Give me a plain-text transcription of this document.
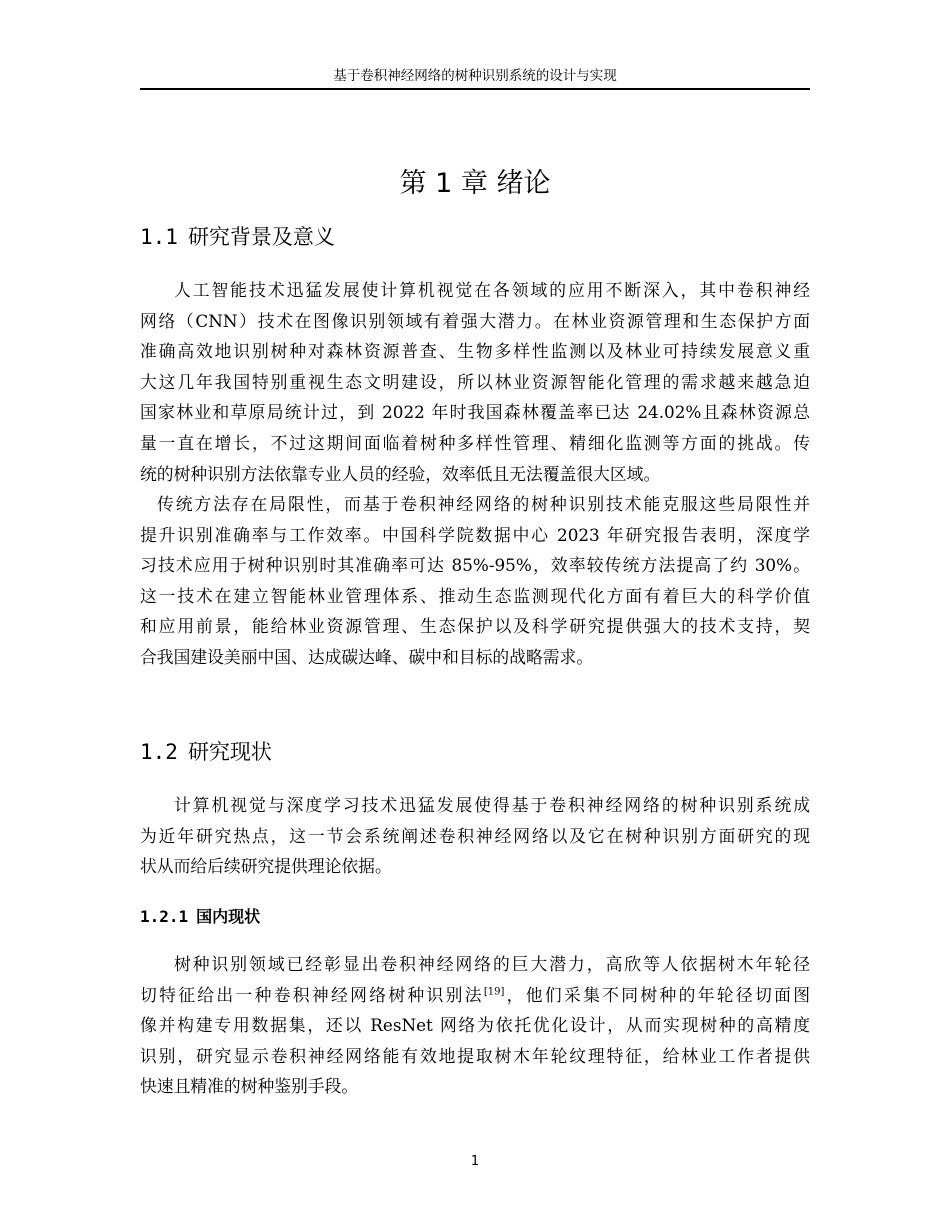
基于卷积神经网络的树种识别系统的设计与实现
第 1 章 绪论
1.1 研究背景及意义

人工智能技术迅猛发展使计算机视觉在各领域的应用不断深入，其中卷积神经
网络（CNN）技术在图像识别领域有着强大潜力。在林业资源管理和生态保护方面
准确高效地识别树种对森林资源普查、生物多样性监测以及林业可持续发展意义重
大这几年我国特别重视生态文明建设，所以林业资源智能化管理的需求越来越急迫
国家林业和草原局统计过，到 2022 年时我国森林覆盖率已达 24.02%且森林资源总
量一直在增长，不过这期间面临着树种多样性管理、精细化监测等方面的挑战。传
统的树种识别方法依靠专业人员的经验，效率低且无法覆盖很大区域。

传统方法存在局限性，而基于卷积神经网络的树种识别技术能克服这些局限性并
提升识别准确率与工作效率。中国科学院数据中心 2023 年研究报告表明，深度学
习技术应用于树种识别时其准确率可达 85%-95%，效率较传统方法提高了约 30%。
这一技术在建立智能林业管理体系、推动生态监测现代化方面有着巨大的科学价值
和应用前景，能给林业资源管理、生态保护以及科学研究提供强大的技术支持，契
合我国建设美丽中国、达成碳达峰、碳中和目标的战略需求。

1.2 研究现状

计算机视觉与深度学习技术迅猛发展使得基于卷积神经网络的树种识别系统成
为近年研究热点，这一节会系统阐述卷积神经网络以及它在树种识别方面研究的现
状从而给后续研究提供理论依据。

1.2.1 国内现状

树种识别领域已经彰显出卷积神经网络的巨大潜力，高欣等人依据树木年轮径
切特征给出一种卷积神经网络树种识别法[19]，他们采集不同树种的年轮径切面图
像并构建专用数据集，还以 ResNet 网络为依托优化设计，从而实现树种的高精度
识别，研究显示卷积神经网络能有效地提取树木年轮纹理特征，给林业工作者提供
快速且精准的树种鉴别手段。

1
